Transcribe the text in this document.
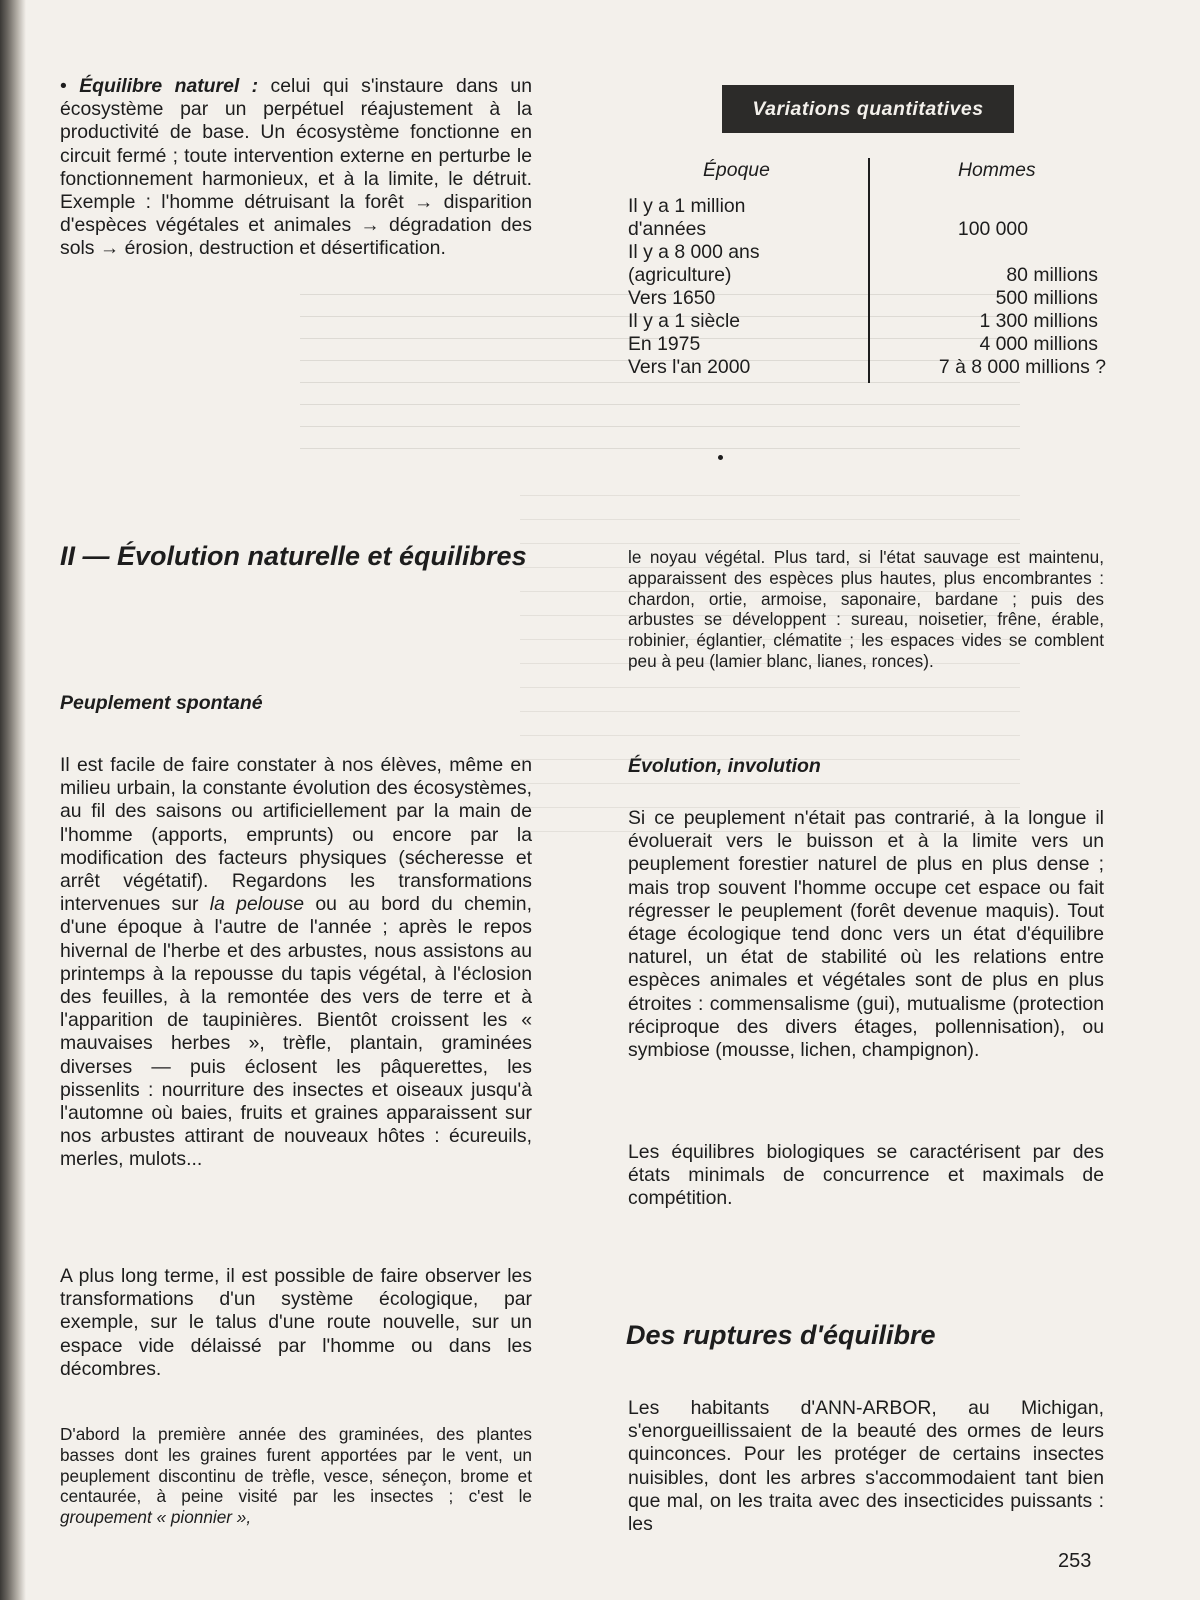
• Équilibre naturel : celui qui s'instaure dans un écosystème par un perpétuel réajustement à la productivité de base. Un écosystème fonctionne en circuit fermé ; toute intervention externe en perturbe le fonctionnement harmonieux, et à la limite, le détruit. Exemple : l'homme détruisant la forêt → disparition d'espèces végétales et animales → dégradation des sols → érosion, destruction et désertification.

Variations quantitatives
Époque	Hommes
Il y a 1 million
d'années	100 000
Il y a 8 000 ans
(agriculture)	80 millions
Vers 1650	500 millions
Il y a 1 siècle	1 300 millions
En 1975	4 000 millions
Vers l'an 2000	7 à 8 000 millions ?
II — Évolution naturelle et équilibres
Peuplement spontané

Il est facile de faire constater à nos élèves, même en milieu urbain, la constante évolution des écosystèmes, au fil des saisons ou artificiellement par la main de l'homme (apports, emprunts) ou encore par la modification des facteurs physiques (sécheresse et arrêt végétatif). Regardons les transformations intervenues sur la pelouse ou au bord du chemin, d'une époque à l'autre de l'année ; après le repos hivernal de l'herbe et des arbustes, nous assistons au printemps à la repousse du tapis végétal, à l'éclosion des feuilles, à la remontée des vers de terre et à l'apparition de taupinières. Bientôt croissent les « mauvaises herbes », trèfle, plantain, graminées diverses — puis éclosent les pâquerettes, les pissenlits : nourriture des insectes et oiseaux jusqu'à l'automne où baies, fruits et graines apparaissent sur nos arbustes attirant de nouveaux hôtes : écureuils, merles, mulots...

A plus long terme, il est possible de faire observer les transformations d'un système écologique, par exemple, sur le talus d'une route nouvelle, sur un espace vide délaissé par l'homme ou dans les décombres.

D'abord la première année des graminées, des plantes basses dont les graines furent apportées par le vent, un peuplement discontinu de trèfle, vesce, séneçon, brome et centaurée, à peine visité par les insectes ; c'est le groupement « pionnier »,

le noyau végétal. Plus tard, si l'état sauvage est maintenu, apparaissent des espèces plus hautes, plus encombrantes : chardon, ortie, armoise, saponaire, bardane ; puis des arbustes se développent : sureau, noisetier, frêne, érable, robinier, églantier, clématite ; les espaces vides se comblent peu à peu (lamier blanc, lianes, ronces).

Évolution, involution

Si ce peuplement n'était pas contrarié, à la longue il évoluerait vers le buisson et à la limite vers un peuplement forestier naturel de plus en plus dense ; mais trop souvent l'homme occupe cet espace ou fait régresser le peuplement (forêt devenue maquis). Tout étage écologique tend donc vers un état d'équilibre naturel, un état de stabilité où les relations entre espèces animales et végétales sont de plus en plus étroites : commensalisme (gui), mutualisme (protection réciproque des divers étages, pollennisation), ou symbiose (mousse, lichen, champignon).

Les équilibres biologiques se caractérisent par des états minimals de concurrence et maximals de compétition.

Des ruptures d'équilibre

Les habitants d'ANN-ARBOR, au Michigan, s'enorgueillissaient de la beauté des ormes de leurs quinconces. Pour les protéger de certains insectes nuisibles, dont les arbres s'accommodaient tant bien que mal, on les traita avec des insecticides puissants : les

253
